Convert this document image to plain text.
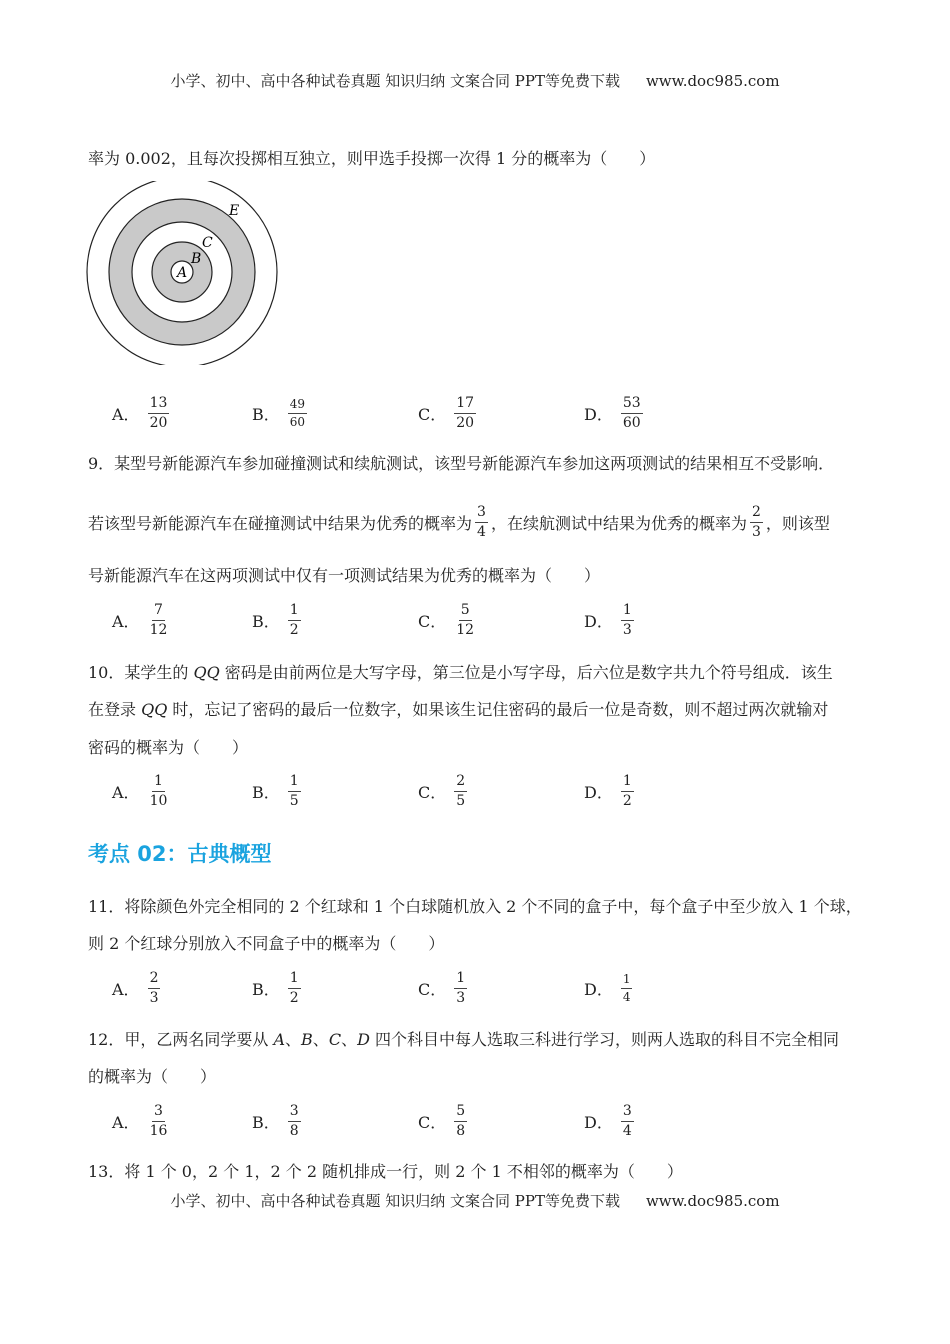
小学、初中、高中各种试卷真题 知识归纳 文案合同 PPT等免费下载 www.doc985.com
率为 0.002，且每次投掷相互独立，则甲选手投掷一次得 1 分的概率为（　　）
A
B
C
E
A． $\frac{13}{20}$	B． $\frac{49}{60}$	C． $\frac{17}{20}$	D． $\frac{53}{60}$
9．某型号新能源汽车参加碰撞测试和续航测试，该型号新能源汽车参加这两项测试的结果相互不受影响．
若该型号新能源汽车在碰撞测试中结果为优秀的概率为 $\frac{3}{4}$ ，在续航测试中结果为优秀的概率为 $\frac{2}{3}$ ，则该型
号新能源汽车在这两项测试中仅有一项测试结果为优秀的概率为（　　）
A． $\frac{7}{12}$	B． $\frac{1}{2}$	C． $\frac{5}{12}$	D． $\frac{1}{3}$
10．某学生的 QQ 密码是由前两位是大写字母，第三位是小写字母，后六位是数字共九个符号组成．该生
在登录 QQ 时，忘记了密码的最后一位数字，如果该生记住密码的最后一位是奇数，则不超过两次就输对
密码的概率为（　　）
A． $\frac{1}{10}$	B． $\frac{1}{5}$	C． $\frac{2}{5}$	D． $\frac{1}{2}$
考点 02：古典概型
11．将除颜色外完全相同的 2 个红球和 1 个白球随机放入 2 个不同的盒子中，每个盒子中至少放入 1 个球，
则 2 个红球分别放入不同盒子中的概率为（　　）
A． $\frac{2}{3}$	B． $\frac{1}{2}$	C． $\frac{1}{3}$	D． $\frac{1}{4}$
12．甲，乙两名同学要从 A、B、C、D 四个科目中每人选取三科进行学习，则两人选取的科目不完全相同
的概率为（　　）
A． $\frac{3}{16}$	B． $\frac{3}{8}$	C． $\frac{5}{8}$	D． $\frac{3}{4}$
13．将 1 个 0，2 个 1，2 个 2 随机排成一行，则 2 个 1 不相邻的概率为（　　）
小学、初中、高中各种试卷真题 知识归纳 文案合同 PPT等免费下载 www.doc985.com
